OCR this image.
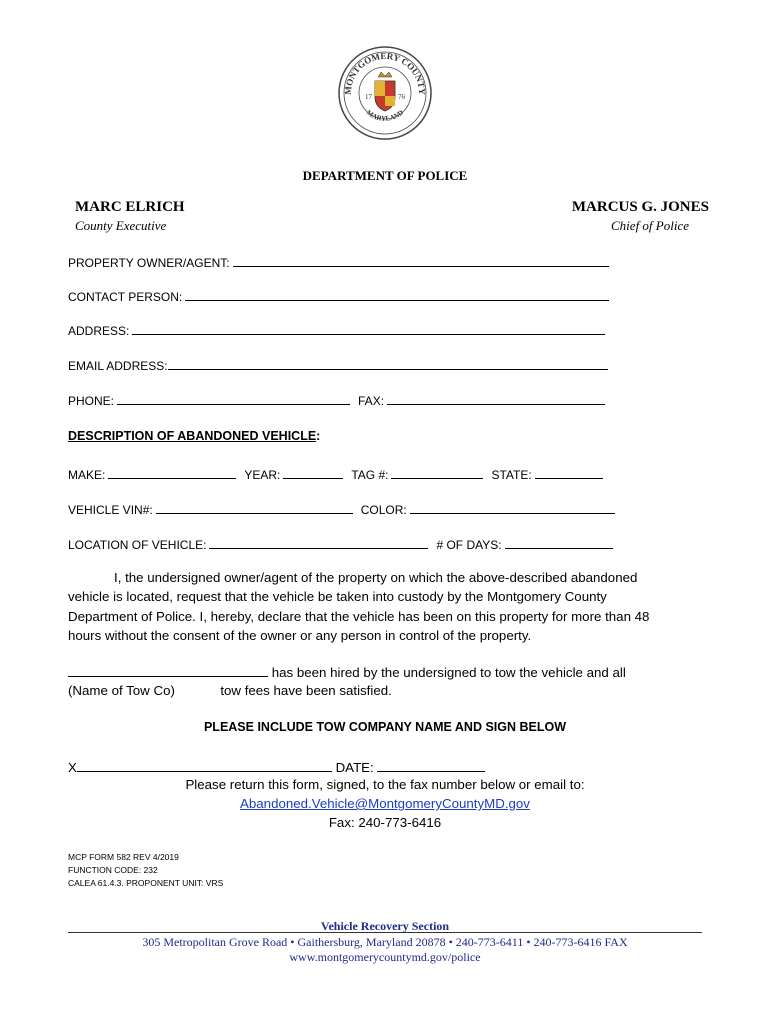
MONTGOMERY COUNTY
MARYLAND
17	76
DEPARTMENT OF POLICE
MARC ELRICH
County Executive
MARCUS G. JONES
Chief of Police
PROPERTY OWNER/AGENT:
CONTACT PERSON:
ADDRESS:
EMAIL ADDRESS:
PHONE:	FAX:
DESCRIPTION OF ABANDONED VEHICLE:
MAKE:	YEAR:	TAG #:	STATE:
VEHICLE VIN#:	COLOR:
LOCATION OF VEHICLE:	# OF DAYS:
I, the undersigned owner/agent of the property on which the above-described abandoned
vehicle is located, request that the vehicle be taken into custody by the Montgomery County
Department of Police. I, hereby, declare that the vehicle has been on this property for more than 48
hours without the consent of the owner or any person in control of the property.
has been hired by the undersigned to tow the vehicle and all
(Name of Tow Co)	tow fees have been satisfied.
PLEASE INCLUDE TOW COMPANY NAME AND SIGN BELOW
X	DATE:
Please return this form, signed, to the fax number below or email to:
Abandoned.Vehicle@MontgomeryCountyMD.gov
Fax: 240-773-6416
MCP FORM 582 REV 4/2019
FUNCTION CODE: 232
CALEA 61.4.3. PROPONENT UNIT: VRS
Vehicle Recovery Section
305 Metropolitan Grove Road • Gaithersburg, Maryland 20878 • 240-773-6411 • 240-773-6416 FAX
www.montgomerycountymd.gov/police
